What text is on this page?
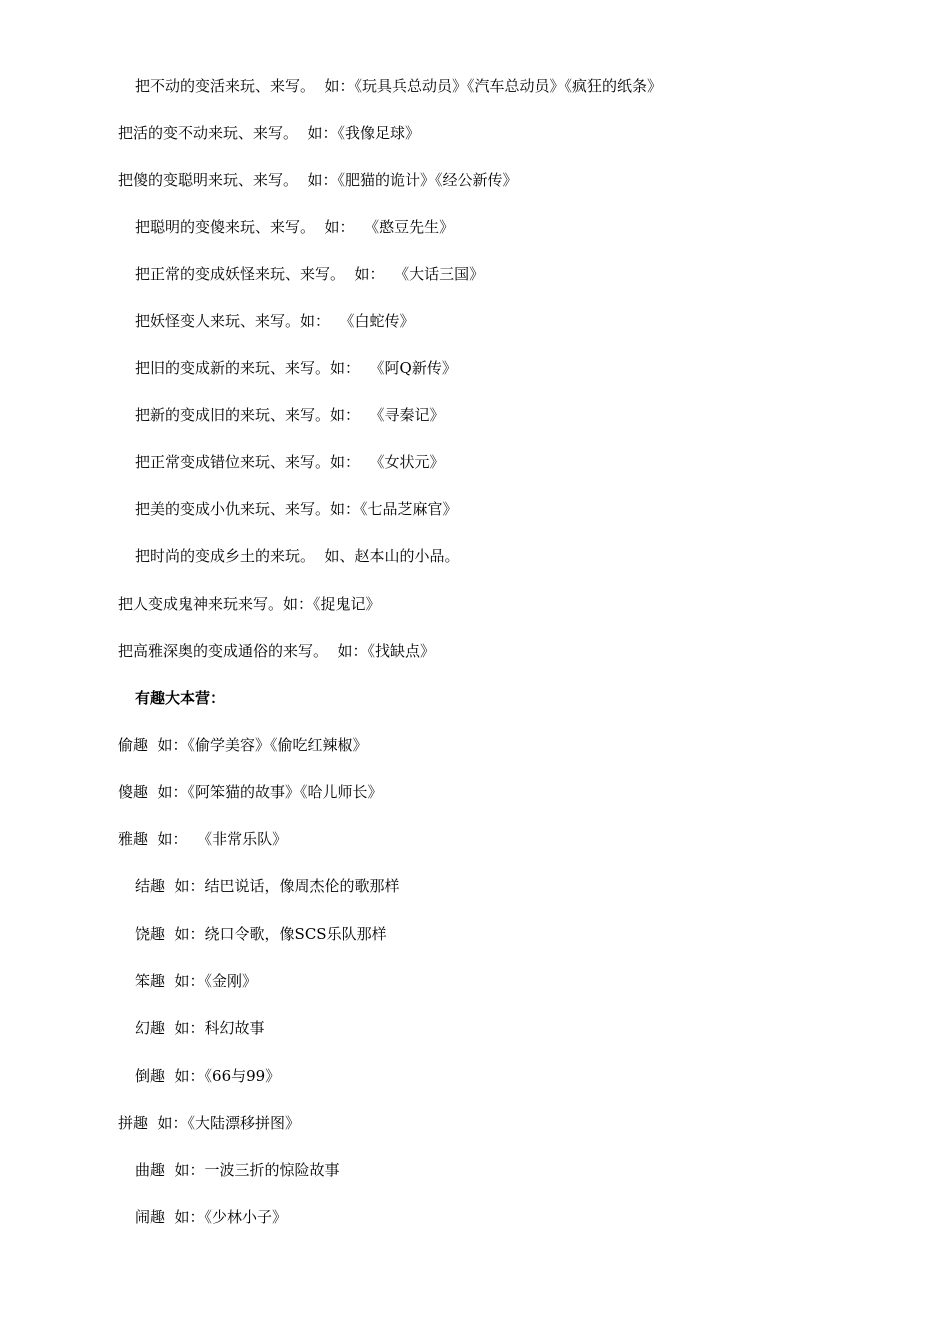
把不动的变活来玩、来写。  如：《玩具兵总动员》《汽车总动员》《疯狂的纸条》
把活的变不动来玩、来写。  如：《我像足球》
把傻的变聪明来玩、来写。  如：《肥猫的诡计》《经公新传》
把聪明的变傻来玩、来写。  如：  《憨豆先生》
把正常的变成妖怪来玩、来写。  如：  《大话三国》
把妖怪变人来玩、来写。如：  《白蛇传》
把旧的变成新的来玩、来写。如：  《阿Q新传》
把新的变成旧的来玩、来写。如：  《寻秦记》
把正常变成错位来玩、来写。如：  《女状元》
把美的变成小仇来玩、来写。如：《七品芝麻官》
把时尚的变成乡土的来玩。  如、赵本山的小品。
把人变成鬼神来玩来写。如：《捉鬼记》
把高雅深奥的变成通俗的来写。  如：《找缺点》
有趣大本营：
偷趣  如：《偷学美容》《偷吃红辣椒》
傻趣  如：《阿笨猫的故事》《哈儿师长》
雅趣  如：  《非常乐队》
结趣  如：结巴说话，像周杰伦的歌那样
饶趣  如：绕口令歌，像SCS乐队那样
笨趣  如：《金刚》
幻趣  如：科幻故事
倒趣  如：《66与99》
拼趣  如：《大陆漂移拼图》
曲趣  如：一波三折的惊险故事
闹趣  如：《少林小子》
